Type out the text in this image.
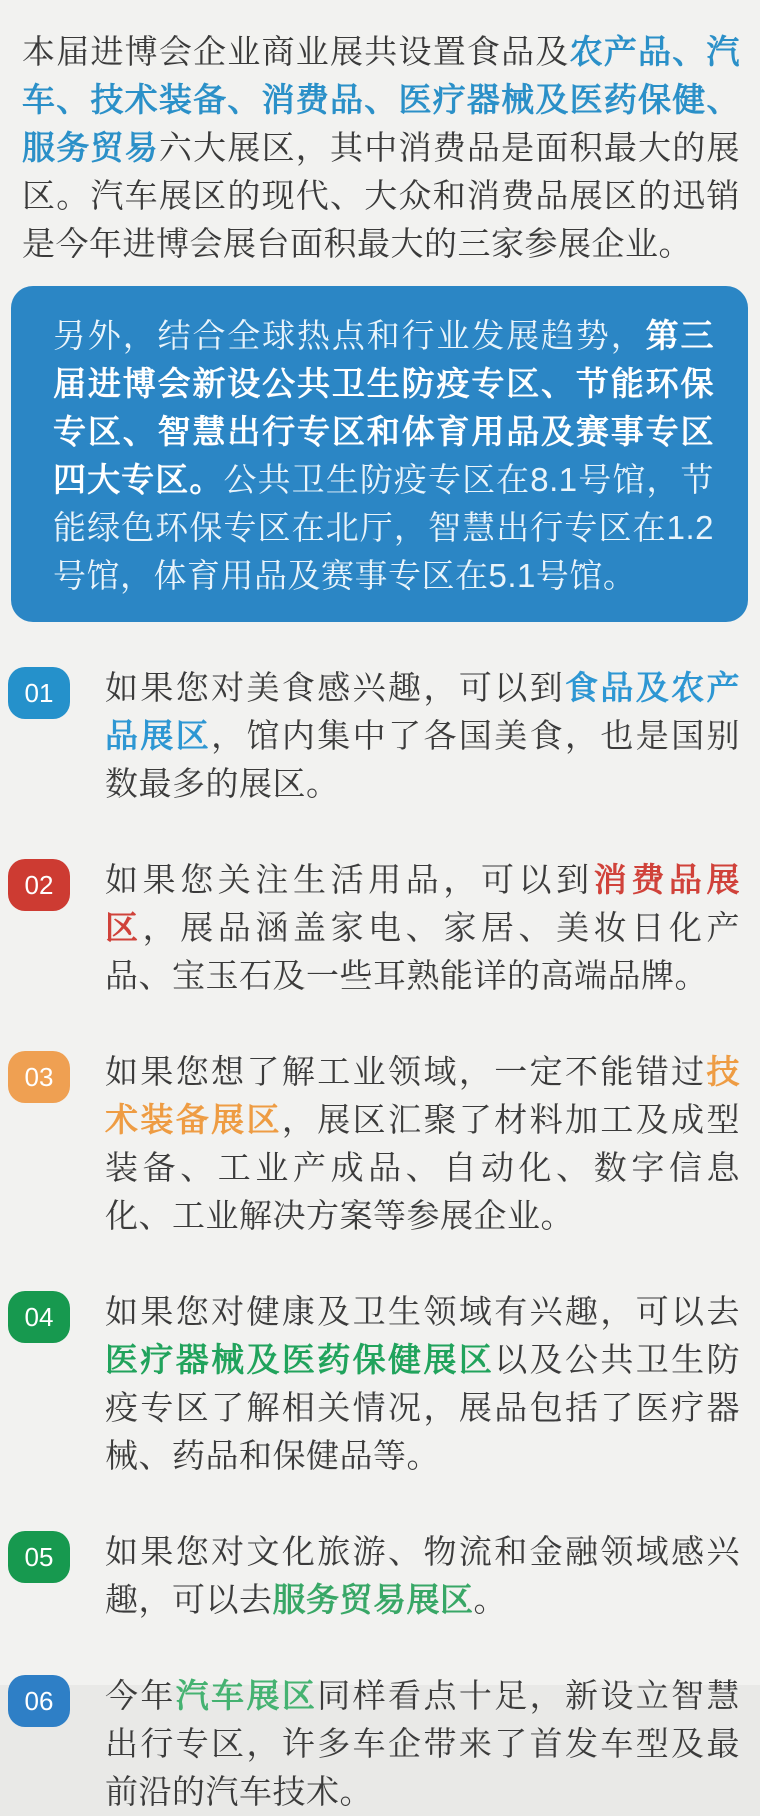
本届进博会企业商业展共设置食品及农产品、汽车、技术装备、消费品、医疗器械及医药保健、服务贸易六大展区，其中消费品是面积最大的展区。汽车展区的现代、大众和消费品展区的迅销是今年进博会展台面积最大的三家参展企业。

另外，结合全球热点和行业发展趋势，第三届进博会新设公共卫生防疫专区、节能环保专区、智慧出行专区和体育用品及赛事专区四大专区。公共卫生防疫专区在8.1号馆，节能绿色环保专区在北厅，智慧出行专区在1.2号馆，体育用品及赛事专区在5.1号馆。
01	如果您对美食感兴趣，可以到食品及农产品展区，馆内集中了各国美食，也是国别数最多的展区。

02	如果您关注生活用品，可以到消费品展区，展品涵盖家电、家居、美妆日化产品、宝玉石及一些耳熟能详的高端品牌。

03	如果您想了解工业领域，一定不能错过技术装备展区，展区汇聚了材料加工及成型装备、工业产成品、自动化、数字信息化、工业解决方案等参展企业。

04	如果您对健康及卫生领域有兴趣，可以去医疗器械及医药保健展区以及公共卫生防疫专区了解相关情况，展品包括了医疗器械、药品和保健品等。

05	如果您对文化旅游、物流和金融领域感兴趣，可以去服务贸易展区。

06	今年汽车展区同样看点十足，新设立智慧出行专区，许多车企带来了首发车型及最前沿的汽车技术。
